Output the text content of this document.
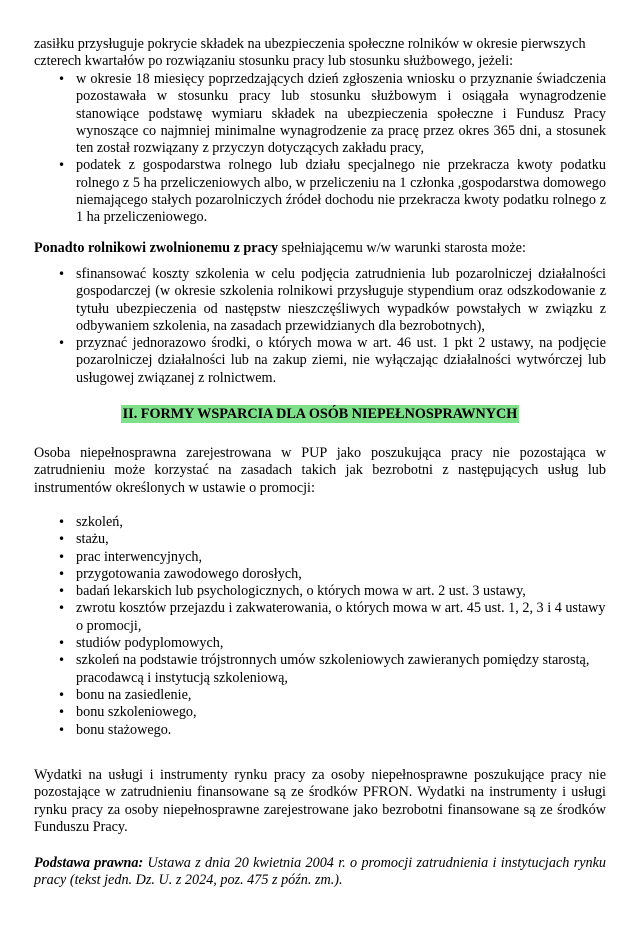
zasiłku przysługuje pokrycie składek na ubezpieczenia społeczne rolników w okresie pierwszych

czterech kwartałów po rozwiązaniu stosunku pracy lub stosunku służbowego, jeżeli:

• w okresie 18 miesięcy poprzedzających dzień zgłoszenia wniosku o przyznanie świadczenia pozostawała w stosunku pracy lub stosunku służbowym i osiągała wynagrodzenie stanowiące podstawę wymiaru składek na ubezpieczenia społeczne i Fundusz Pracy wynoszące co najmniej minimalne wynagrodzenie za pracę przez okres 365 dni, a stosunek ten został rozwiązany z przyczyn dotyczących zakładu pracy,
• podatek z gospodarstwa rolnego lub działu specjalnego nie przekracza kwoty podatku rolnego z 5 ha przeliczeniowych albo, w przeliczeniu na 1 członka ,gospodarstwa domowego niemającego stałych pozarolniczych źródeł dochodu nie przekracza kwoty podatku rolnego z 1 ha przeliczeniowego.

Ponadto rolnikowi zwolnionemu z pracy spełniającemu w/w warunki starosta może:

• sfinansować koszty szkolenia w celu podjęcia zatrudnienia lub pozarolniczej działalności gospodarczej (w okresie szkolenia rolnikowi przysługuje stypendium oraz odszkodowanie z tytułu ubezpieczenia od następstw nieszczęśliwych wypadków powstałych w związku z odbywaniem szkolenia, na zasadach przewidzianych dla bezrobotnych),
• przyznać jednorazowo środki, o których mowa w art. 46 ust. 1 pkt 2 ustawy, na podjęcie pozarolniczej działalności lub na zakup ziemi, nie wyłączając działalności wytwórczej lub usługowej związanej z rolnictwem.
II. FORMY WSPARCIA DLA OSÓB NIEPEŁNOSPRAWNYCH

Osoba niepełnosprawna zarejestrowana w PUP jako poszukująca pracy nie pozostająca w zatrudnieniu może korzystać na zasadach takich jak bezrobotni z następujących usług lub instrumentów określonych w ustawie o promocji:

• szkoleń,
• stażu,
• prac interwencyjnych,
• przygotowania zawodowego dorosłych,
• badań lekarskich lub psychologicznych, o których mowa w art. 2 ust. 3 ustawy,
• zwrotu kosztów przejazdu i zakwaterowania, o których mowa w art. 45 ust. 1, 2, 3 i 4 ustawy o promocji,
• studiów podyplomowych,
• szkoleń na podstawie trójstronnych umów szkoleniowych zawieranych pomiędzy starostą, pracodawcą i instytucją szkoleniową,
• bonu na zasiedlenie,
• bonu szkoleniowego,
• bonu stażowego.

Wydatki na usługi i instrumenty rynku pracy za osoby niepełnosprawne poszukujące pracy nie pozostające w zatrudnieniu finansowane są ze środków PFRON. Wydatki na instrumenty i usługi rynku pracy za osoby niepełnosprawne zarejestrowane jako bezrobotni finansowane są ze środków Funduszu Pracy.

Podstawa prawna: Ustawa z dnia 20 kwietnia 2004 r. o promocji zatrudnienia i instytucjach rynku pracy (tekst jedn. Dz. U. z 2024, poz. 475 z późn. zm.).
